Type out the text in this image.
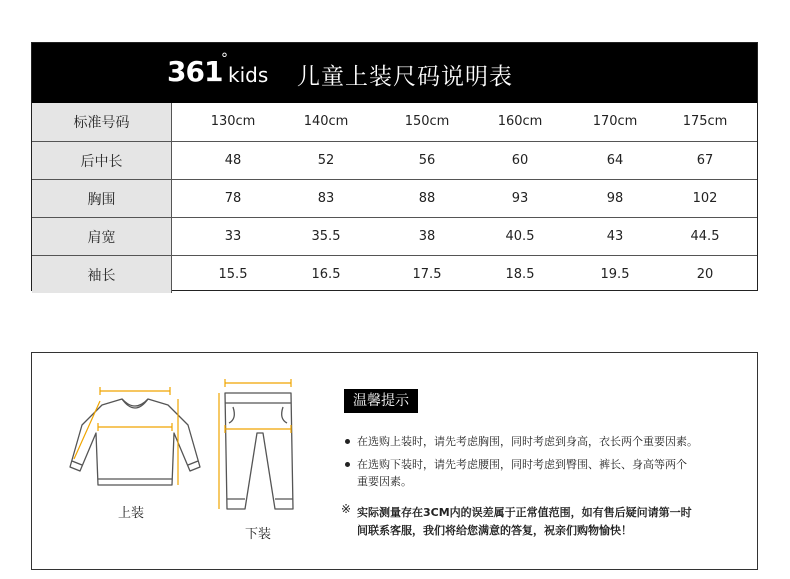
361
°
kids 儿童上装尺码说明表
标准号码	130cm	140cm	150cm	160cm	170cm	175cm
后中长	48	52	56	60	64	67
胸围	78	83	88	93	98	102
肩宽	33	35.5	38	40.5	43	44.5
袖长	15.5	16.5	17.5	18.5	19.5	20
上装
下装
温馨提示
在选购上装时，请先考虑胸围，同时考虑到身高，衣长两个重要因素。
在选购下装时，请先考虑腰围，同时考虑到臀围、裤长、身高等两个
重要因素。
※ 实际测量存在3CM内的误差属于正常值范围，如有售后疑问请第一时
间联系客服，我们将给您满意的答复，祝亲们购物愉快！
